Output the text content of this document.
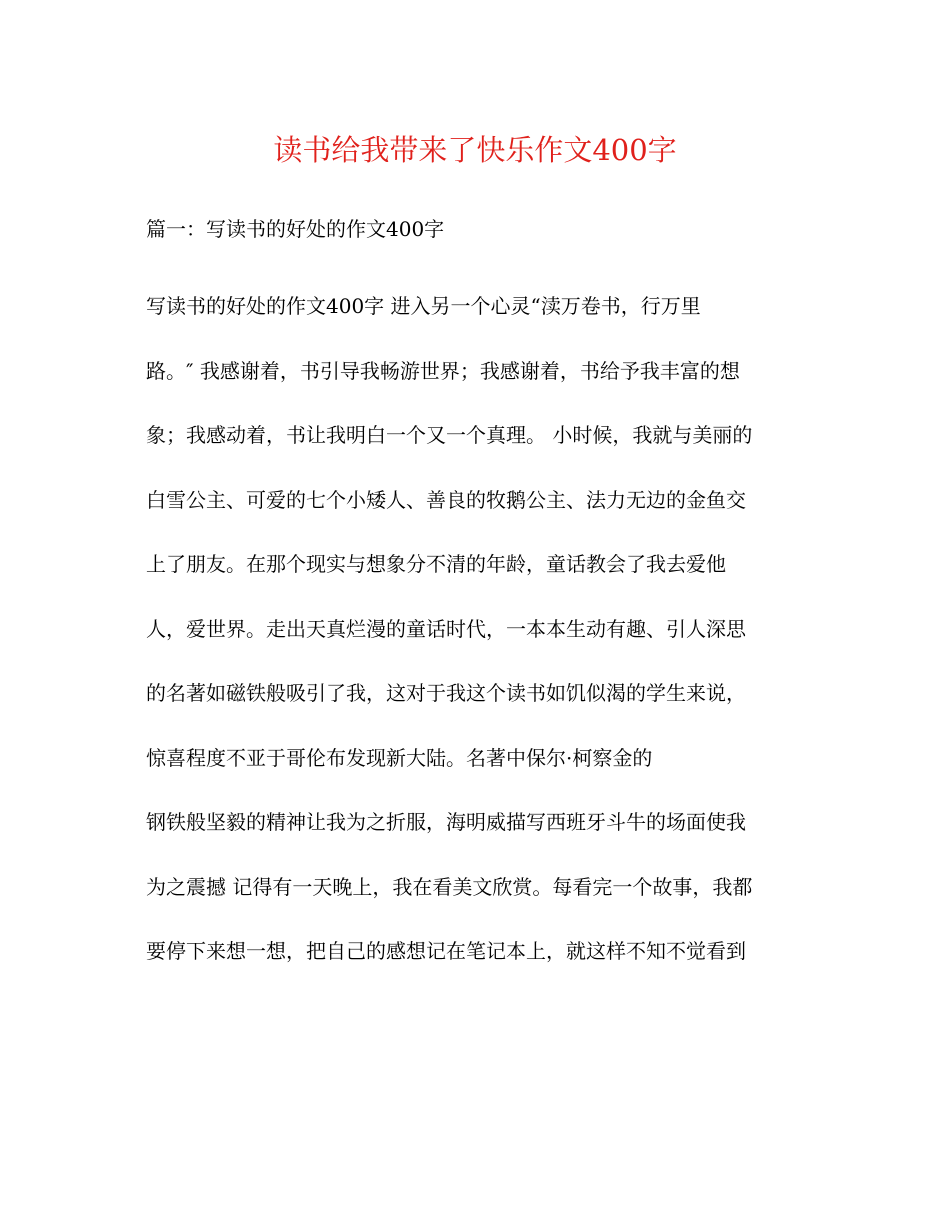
读书给我带来了快乐作文400字
篇一：写读书的好处的作文400字
写读书的好处的作文400字 进入另一个心灵“渎万卷书，行万里
路。″ 我感谢着，书引导我畅游世界；我感谢着，书给予我丰富的想
象；我感动着，书让我明白一个又一个真理。 小时候，我就与美丽的
白雪公主、可爱的七个小矮人、善良的牧鹅公主、法力无边的金鱼交
上了朋友。在那个现实与想象分不清的年龄，童话教会了我去爱他
人，爱世界。走出天真烂漫的童话时代，一本本生动有趣、引人深思
的名著如磁铁般吸引了我，这对于我这个读书如饥似渴的学生来说，
惊喜程度不亚于哥伦布发现新大陆。名著中保尔·柯察金的
钢铁般坚毅的精神让我为之折服，海明威描写西班牙斗牛的场面使我
为之震撼 记得有一天晚上，我在看美文欣赏。每看完一个故事，我都
要停下来想一想，把自己的感想记在笔记本上，就这样不知不觉看到
